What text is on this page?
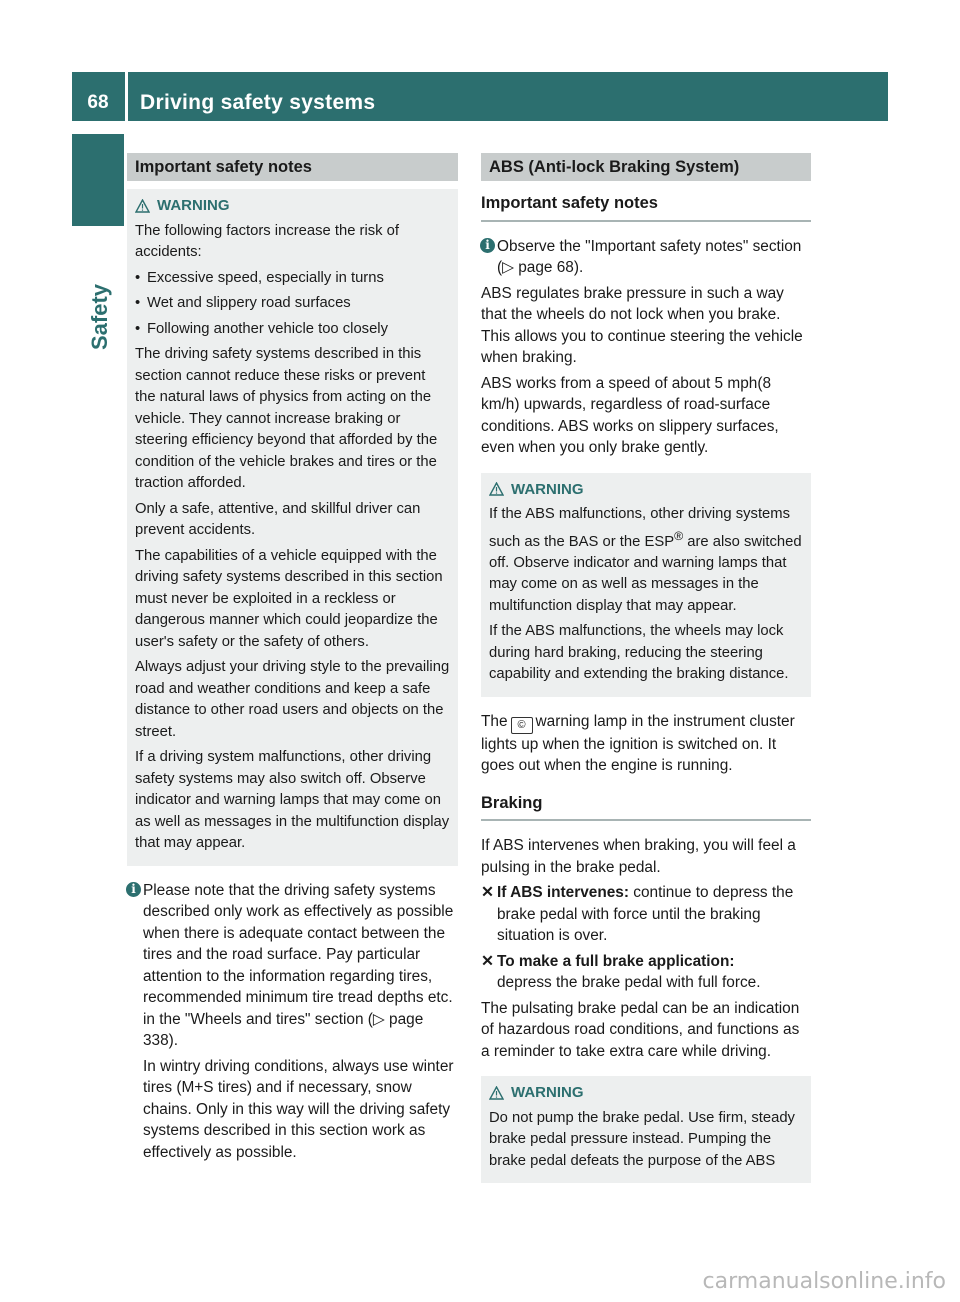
68	Driving safety systems
Safety
Important safety notes
WARNING

The following factors increase the risk of accidents:

• Excessive speed, especially in turns

• Wet and slippery road surfaces

• Following another vehicle too closely

The driving safety systems described in this section cannot reduce these risks or prevent the natural laws of physics from acting on the vehicle. They cannot increase braking or steering efficiency beyond that afforded by the condition of the vehicle brakes and tires or the traction afforded.

Only a safe, attentive, and skillful driver can prevent accidents.

The capabilities of a vehicle equipped with the driving safety systems described in this section must never be exploited in a reckless or dangerous manner which could jeopardize the user's safety or the safety of others.

Always adjust your driving style to the prevailing road and weather conditions and keep a safe distance to other road users and objects on the street.

If a driving system malfunctions, other driving safety systems may also switch off. Observe indicator and warning lamps that may come on as well as messages in the multifunction display that may appear.

i Please note that the driving safety systems described only work as effectively as possible when there is adequate contact between the tires and the road surface. Pay particular attention to the information regarding tires, recommended minimum tire tread depths etc. in the "Wheels and tires" section (▷ page 338).

In wintry driving conditions, always use winter tires (M+S tires) and if necessary, snow chains. Only in this way will the driving safety systems described in this section work as effectively as possible.

ABS (Anti-lock Braking System)
Important safety notes
i Observe the "Important safety notes" section (▷ page 68).

ABS regulates brake pressure in such a way that the wheels do not lock when you brake. This allows you to continue steering the vehicle when braking.

ABS works from a speed of about 5 mph(8 km/h) upwards, regardless of road-surface conditions. ABS works on slippery surfaces, even when you only brake gently.

WARNING

If the ABS malfunctions, other driving systems such as the BAS or the ESP® are also switched off. Observe indicator and warning lamps that may come on as well as messages in the multifunction display that may appear.

If the ABS malfunctions, the wheels may lock during hard braking, reducing the steering capability and extending the braking distance.

The © warning lamp in the instrument cluster lights up when the ignition is switched on. It goes out when the engine is running.

Braking

If ABS intervenes when braking, you will feel a pulsing in the brake pedal.

✕ If ABS intervenes: continue to depress the brake pedal with force until the braking situation is over.

✕ To make a full brake application:
depress the brake pedal with full force.

The pulsating brake pedal can be an indication of hazardous road conditions, and functions as a reminder to take extra care while driving.

WARNING

Do not pump the brake pedal. Use firm, steady brake pedal pressure instead. Pumping the brake pedal defeats the purpose of the ABS

carmanualsonline.info
